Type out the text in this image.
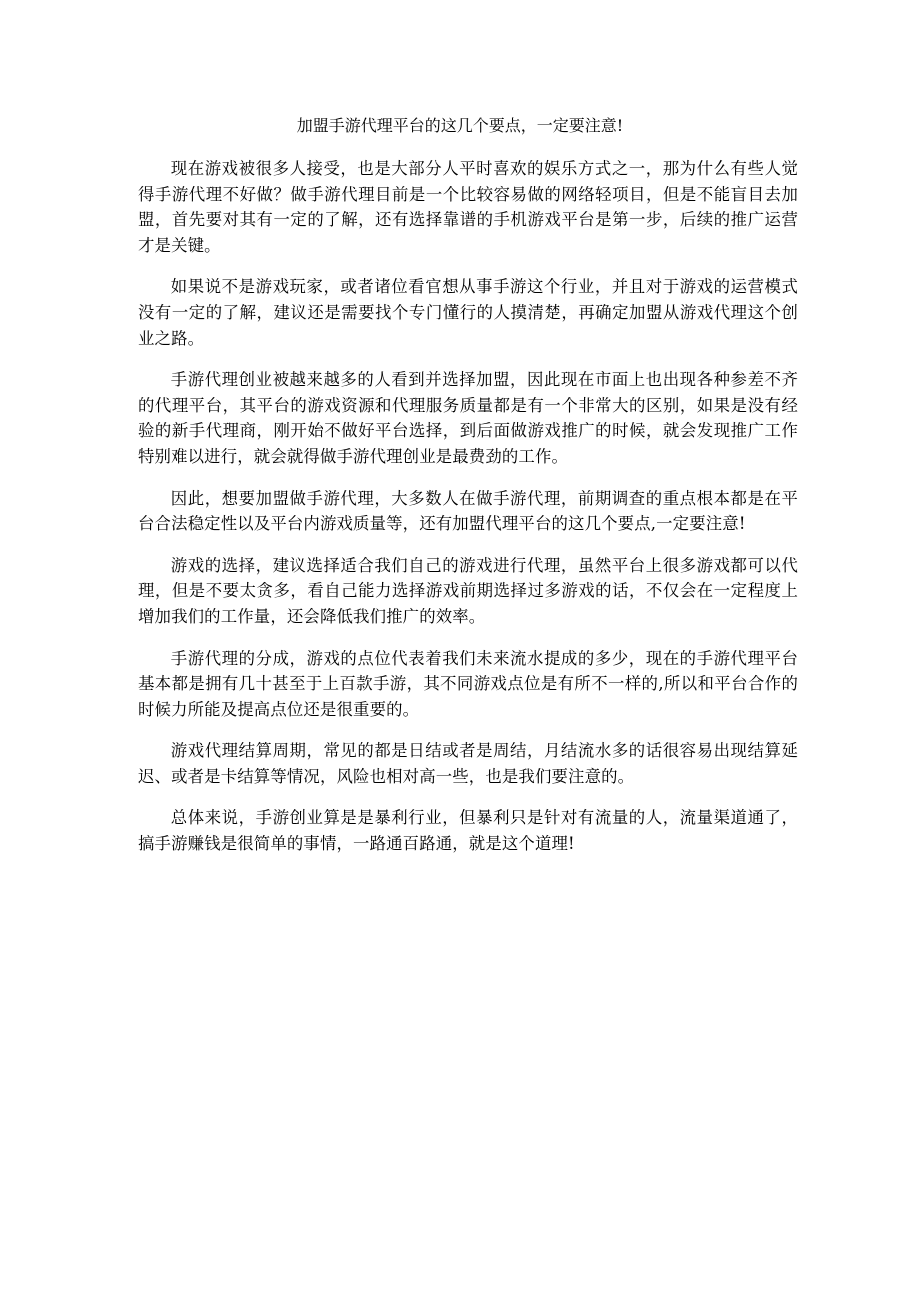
加盟手游代理平台的这几个要点，一定要注意!

现在游戏被很多人接受，也是大部分人平时喜欢的娱乐方式之一，那为什么有些人觉得手游代理不好做？做手游代理目前是一个比较容易做的网络轻项目，但是不能盲目去加盟，首先要对其有一定的了解，还有选择靠谱的手机游戏平台是第一步，后续的推广运营才是关键。

如果说不是游戏玩家，或者诸位看官想从事手游这个行业，并且对于游戏的运营模式没有一定的了解，建议还是需要找个专门懂行的人摸清楚，再确定加盟从游戏代理这个创业之路。

手游代理创业被越来越多的人看到并选择加盟，因此现在市面上也出现各种参差不齐的代理平台，其平台的游戏资源和代理服务质量都是有一个非常大的区别，如果是没有经验的新手代理商，刚开始不做好平台选择，到后面做游戏推广的时候，就会发现推广工作特别难以进行，就会就得做手游代理创业是最费劲的工作。

因此，想要加盟做手游代理，大多数人在做手游代理，前期调查的重点根本都是在平台合法稳定性以及平台内游戏质量等，还有加盟代理平台的这几个要点,一定要注意!

游戏的选择，建议选择适合我们自己的游戏进行代理，虽然平台上很多游戏都可以代理，但是不要太贪多，看自己能力选择游戏前期选择过多游戏的话，不仅会在一定程度上增加我们的工作量，还会降低我们推广的效率。

手游代理的分成，游戏的点位代表着我们未来流水提成的多少，现在的手游代理平台基本都是拥有几十甚至于上百款手游，其不同游戏点位是有所不一样的,所以和平台合作的时候力所能及提高点位还是很重要的。

游戏代理结算周期，常见的都是日结或者是周结，月结流水多的话很容易出现结算延迟、或者是卡结算等情况，风险也相对高一些，也是我们要注意的。

总体来说，手游创业算是是暴利行业，但暴利只是针对有流量的人，流量渠道通了，搞手游赚钱是很简单的事情，一路通百路通，就是这个道理!
